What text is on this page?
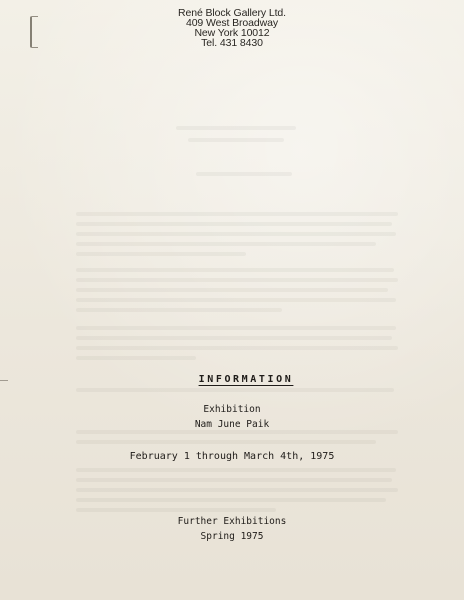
René Block Gallery Ltd.
409 West Broadway
New York 10012
Tel. 431 8430
INFORMATION
Exhibition
Nam June Paik
February 1 through March 4th, 1975
Further Exhibitions
Spring 1975
